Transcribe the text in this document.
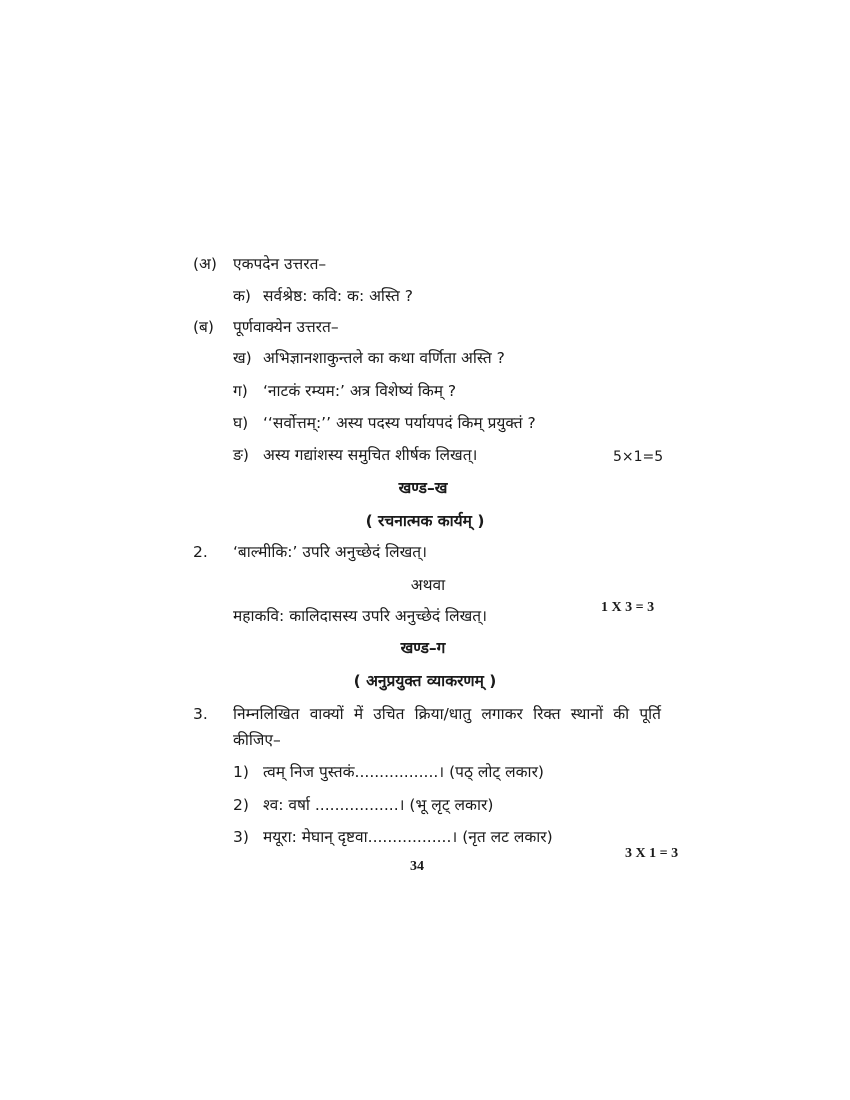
(अ) एकपदेन उत्तरत–
क) सर्वश्रेष्ठ: कवि: क: अस्ति ?
(ब) पूर्णवाक्येन उत्तरत–
ख) अभिज्ञानशाकुन्तले का कथा वर्णिता अस्ति ?
ग) ‘नाटकं रम्यम:’ अत्र विशेष्यं किम् ?
घ) ‘‘सर्वोत्तम्:’’ अस्य पदस्य पर्यायपदं किम् प्रयुक्तं ?
ङ) अस्य गद्यांशस्य समुचित शीर्षक लिखत्।	5×1=5
खण्ड–ख
( रचनात्मक कार्यम् )
2. ‘बाल्मीकि:’ उपरि अनुच्छेदं लिखत्।
अथवा
महाकवि: कालिदासस्य उपरि अनुच्छेदं लिखत्।	1 X 3 = 3
खण्ड–ग
( अनुप्रयुक्त व्याकरणम् )
3. निम्नलिखित वाक्यों में उचित क्रिया/धातु लगाकर रिक्त स्थानों की पूर्ति कीजिए–
1) त्वम् निज पुस्तकं.................। (पठ् लोट् लकार)
2) श्व: वर्षा .................। (भू लृट् लकार)
3) मयूरा: मेघान् दृष्टवा.................। (नृत लट लकार)
3 X 1 = 3
34
